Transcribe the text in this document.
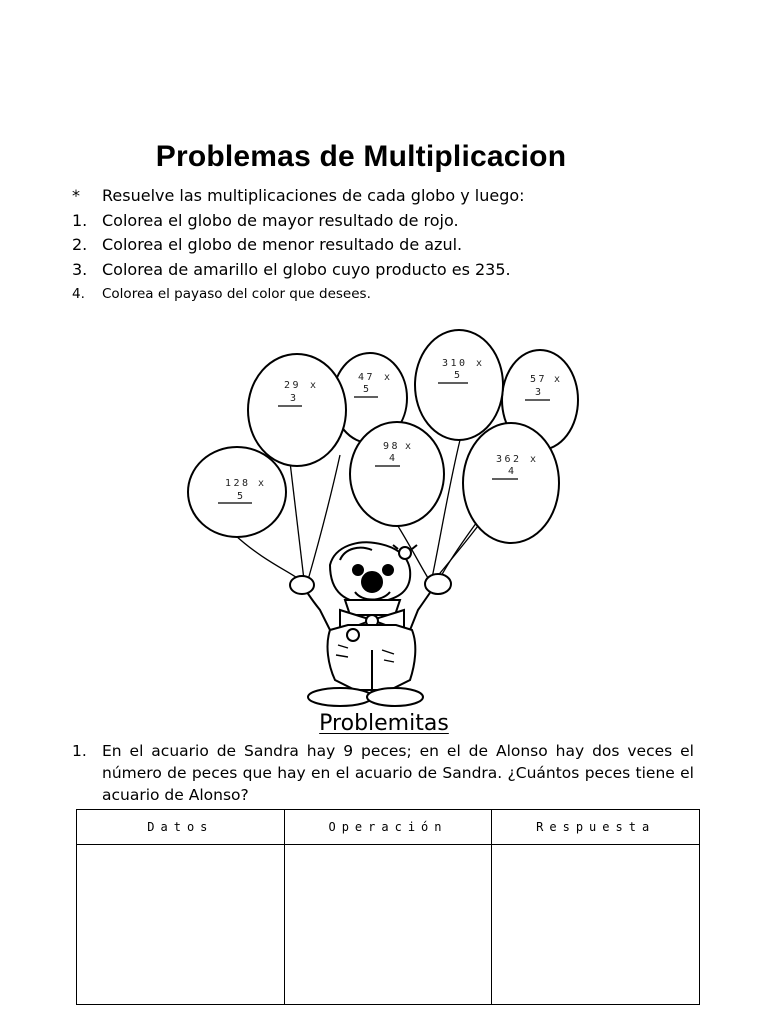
Problemas de Multiplicacion
*	Resuelve las multiplicaciones de cada globo y luego:
1. Colorea el globo de mayor resultado de rojo.
2. Colorea el globo de menor resultado de azul.
3. Colorea de amarillo el globo cuyo producto es 235.
4.	Colorea el payaso del color que desees.
29 x
3
47 x
5
310 x
5	57 x
3
98 x
4	362 x
4
128 x
5
Problemitas
1. En el acuario de Sandra hay 9 peces; en el de Alonso hay dos veces el número de peces que hay en el acuario de Sandra. ¿Cuántos peces tiene el acuario de Alonso?
Datos	Operación	Respuesta
